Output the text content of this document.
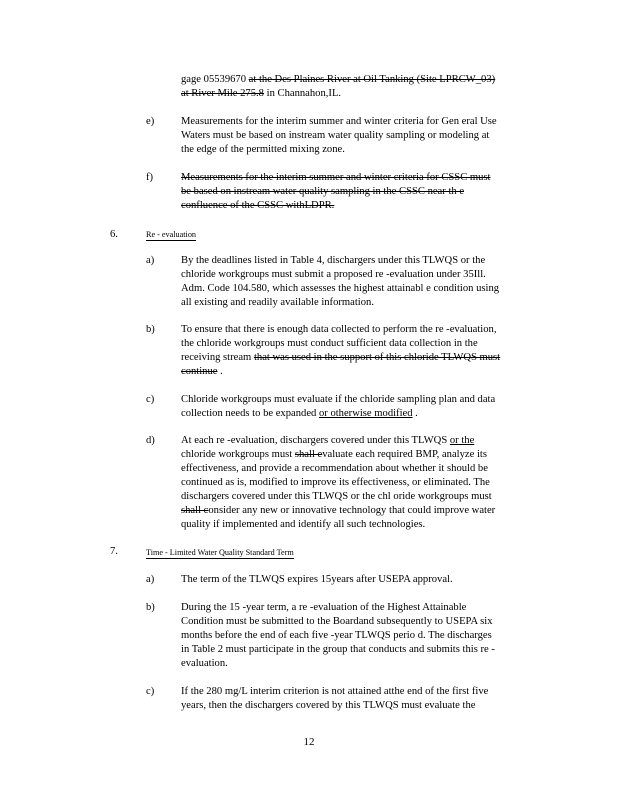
gage 05539670 at the Des Plaines River at Oil Tanking (Site LPRCW_03)
at River Mile 275.8 in Channahon,IL.
e)	Measurements for the interim summer and winter criteria for Gen eral Use
Waters must be based on instream water quality sampling or modeling at
the edge of the permitted mixing zone.
f)	Measurements for the interim summer and winter criteria for CSSC must
be based on instream water quality sampling in the CSSC near th e
confluence of the CSSC withLDPR.
6.	Re - evaluation
a)	By the deadlines listed in Table 4, dischargers under this TLWQS or the
chloride workgroups must submit a proposed re -evaluation under 35Ill.
Adm. Code 104.580, which assesses the highest attainabl e condition using
all existing and readily available information.
b) To ensure that there is enough data collected to perform the re -evaluation,
the chloride workgroups must conduct sufficient data collection in the
receiving stream that was used in the support of this chloride TLWQS must
continue .
c)	Chloride workgroups must evaluate if the chloride sampling plan and data
collection needs to be expanded or otherwise modified .
d) At each re -evaluation, dischargers covered under this TLWQS or the
chloride workgroups must shall evaluate each required BMP, analyze its
effectiveness, and provide a recommendation about whether it should be
continued as is, modified to improve its effectiveness, or eliminated. The
dischargers covered under this TLWQS or the chl oride workgroups must
shall consider any new or innovative technology that could improve water
quality if implemented and identify all such technologies.
7.	Time - Limited Water Quality Standard Term
a)	The term of the TLWQS expires 15years after USEPA approval.
b) During the 15 -year term, a re -evaluation of the Highest Attainable
Condition must be submitted to the Boardand subsequently to USEPA six
months before the end of each five -year TLWQS perio d. The discharges
in Table 2 must participate in the group that conducts and submits this re -
evaluation.
c)	If the 280 mg/L interim criterion is not attained atthe end of the first five
years, then the dischargers covered by this TLWQS must evaluate the
12
